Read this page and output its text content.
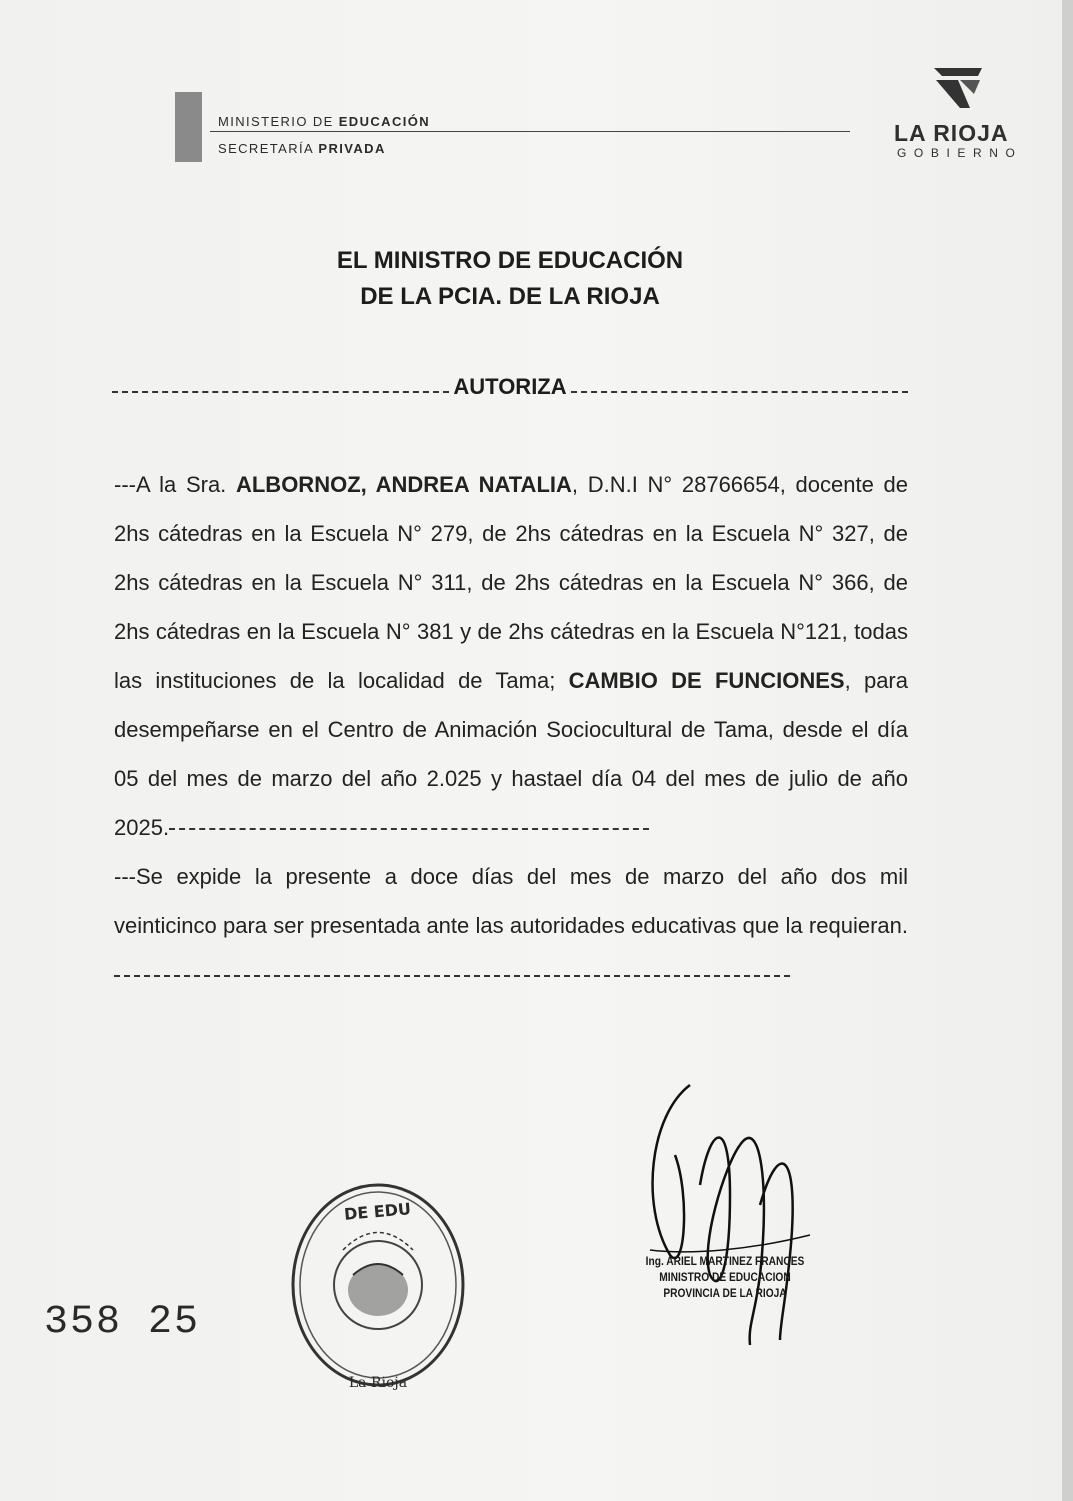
MINISTERIO DE EDUCACIÓN
SECRETARÍA PRIVADA
LA RIOJA
GOBIERNO
EL MINISTRO DE EDUCACIÓN
DE LA PCIA. DE LA RIOJA
AUTORIZA

---A la Sra. ALBORNOZ, ANDREA NATALIA, D.N.I N° 28766654, docente de 2hs cátedras en la Escuela N° 279, de 2hs cátedras en la Escuela N° 327, de 2hs cátedras en la Escuela N° 311, de 2hs cátedras en la Escuela N° 366, de 2hs cátedras en la Escuela N° 381 y de 2hs cátedras en la Escuela N°121, todas las instituciones de la localidad de Tama; CAMBIO DE FUNCIONES, para desempeñarse en el Centro de Animación Sociocultural de Tama, desde el día 05 del mes de marzo del año 2.025 y hastael día 04 del mes de julio de año 2025.

---Se expide la presente a doce días del mes de marzo del año dos mil veinticinco para ser presentada ante las autoridades educativas que la requieran.

358 25
DE EDU
La Rioja
Ing. ARIEL MARTINEZ FRANCES
MINISTRO DE EDUCACION
PROVINCIA DE LA RIOJA
